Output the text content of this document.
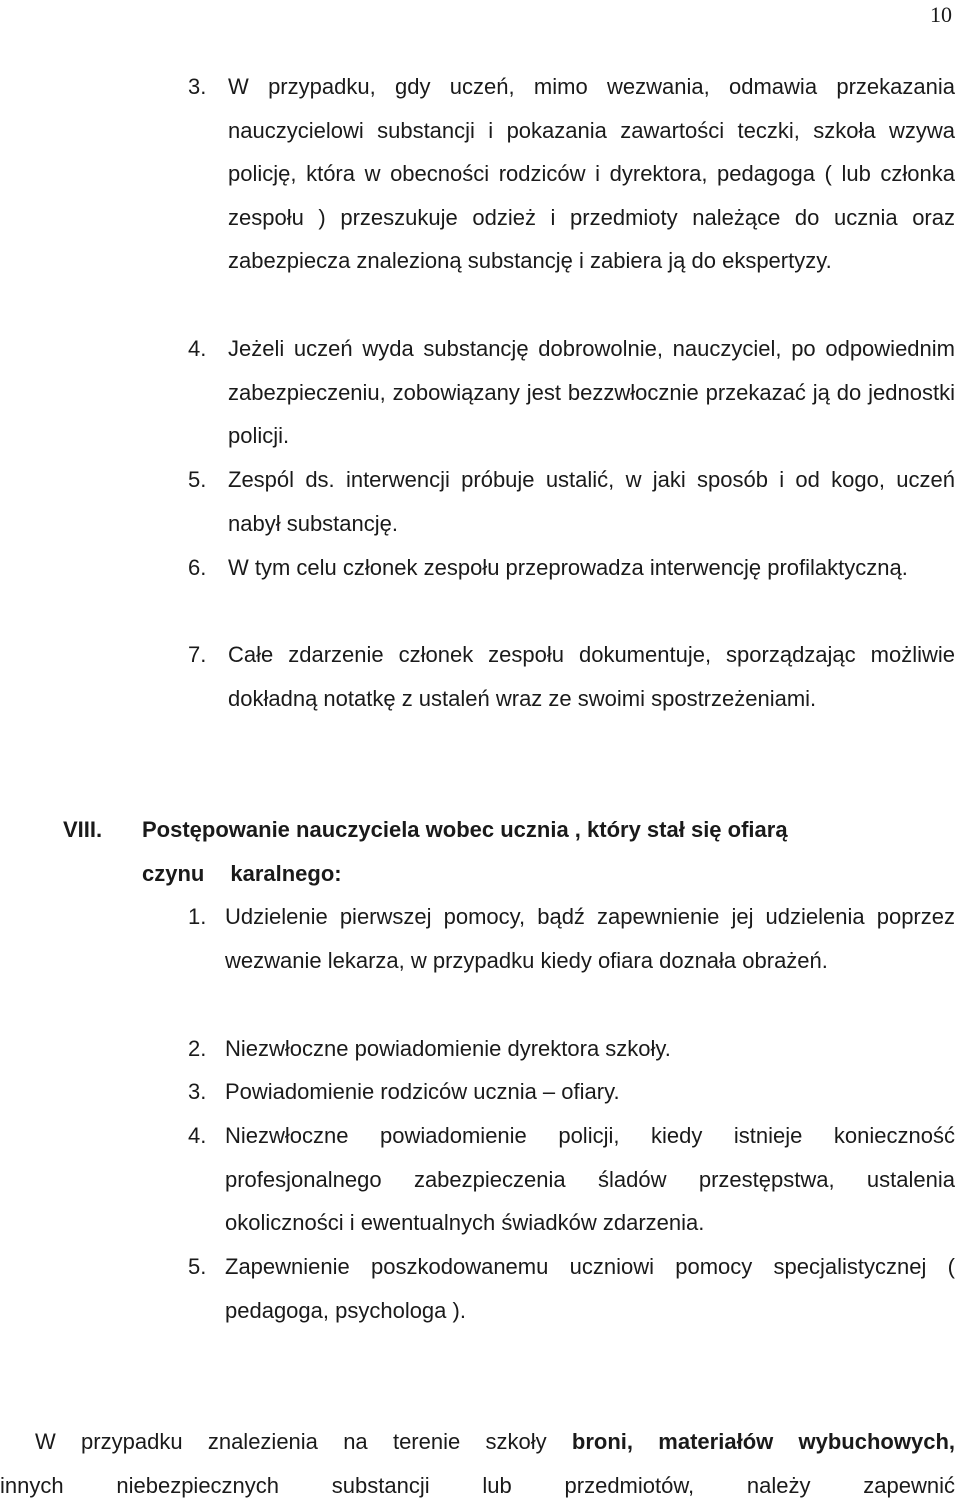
10
3. W przypadku, gdy uczeń, mimo wezwania, odmawia przekazania nauczycielowi substancji i pokazania zawartości teczki, szkoła wzywa policję, która w obecności rodziców i dyrektora, pedagoga ( lub członka zespołu ) przeszukuje odzież i przedmioty należące do ucznia oraz zabezpiecza znalezioną substancję i zabiera ją do ekspertyzy.
4. Jeżeli uczeń wyda substancję dobrowolnie, nauczyciel, po odpowiednim zabezpieczeniu, zobowiązany jest bezzwłocznie przekazać ją do jednostki policji.
5. Zespól ds. interwencji próbuje ustalić, w jaki sposób i od kogo, uczeń nabył substancję.
6. W tym celu członek zespołu przeprowadza interwencję profilaktyczną.
7. Całe zdarzenie członek zespołu dokumentuje, sporządzając możliwie dokładną notatkę z ustaleń wraz ze swoimi spostrzeżeniami.
VIII. Postępowanie nauczyciela wobec ucznia , który stał się ofiarą
czynu karalnego:
1. Udzielenie pierwszej pomocy, bądź zapewnienie jej udzielenia poprzez wezwanie lekarza, w przypadku kiedy ofiara doznała obrażeń.
2. Niezwłoczne powiadomienie dyrektora szkoły.
3. Powiadomienie rodziców ucznia – ofiary.
4. Niezwłoczne powiadomienie policji, kiedy istnieje konieczność profesjonalnego zabezpieczenia śladów przestępstwa, ustalenia okoliczności i ewentualnych świadków zdarzenia.
5. Zapewnienie poszkodowanemu uczniowi pomocy specjalistycznej ( pedagoga, psychologa ).
W przypadku znalezienia na terenie szkoły broni, materiałów wybuchowych,
innych niebezpiecznych substancji lub przedmiotów, należy zapewnić
